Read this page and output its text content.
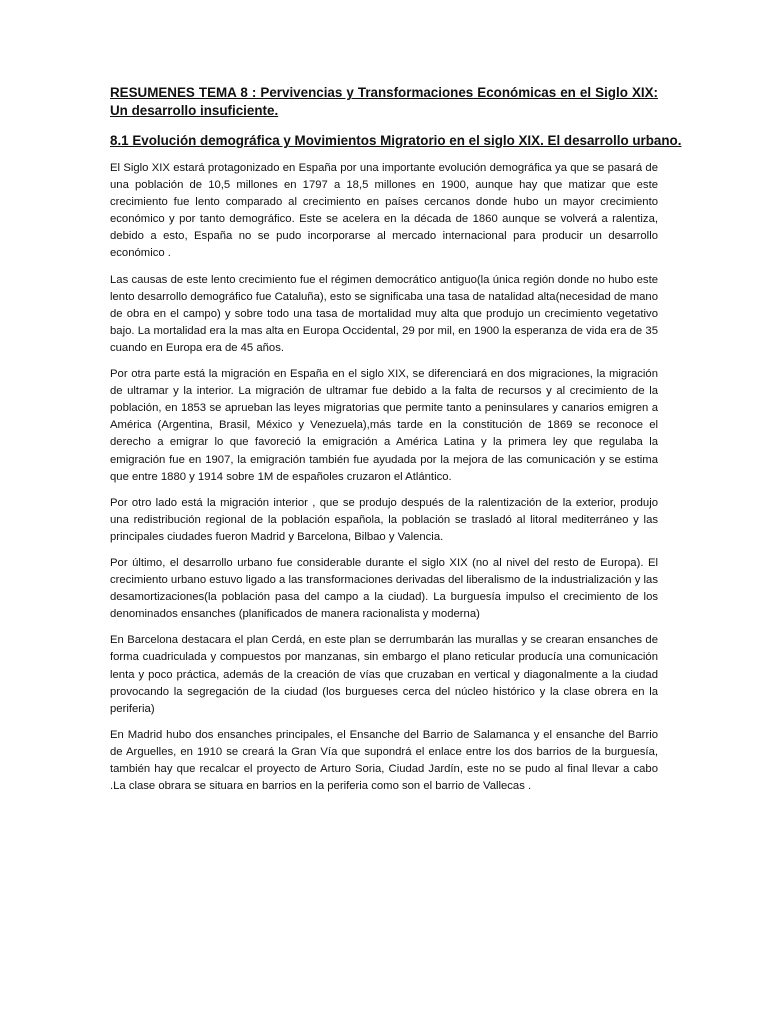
RESUMENES TEMA 8 : Pervivencias y Transformaciones Económicas en el Siglo XIX: Un desarrollo insuficiente.
8.1 Evolución demográfica y Movimientos Migratorio en el siglo XIX. El desarrollo urbano.

El Siglo XIX estará protagonizado en España por una importante evolución demográfica ya que se pasará de una población de 10,5 millones en 1797 a 18,5 millones en 1900, aunque hay que matizar que este crecimiento fue lento comparado al crecimiento en países cercanos donde hubo un mayor crecimiento económico y por tanto demográfico. Este se acelera en la década de 1860 aunque se volverá a ralentiza, debido a esto, España no se pudo incorporarse al mercado internacional para producir un desarrollo económico .

Las causas de este lento crecimiento fue el régimen democrático antiguo(la única región donde no hubo este lento desarrollo demográfico fue Cataluña), esto se significaba una tasa de natalidad alta(necesidad de mano de obra en el campo) y sobre todo una tasa de mortalidad muy alta que produjo un crecimiento vegetativo bajo. La mortalidad era la mas alta en Europa Occidental, 29 por mil, en 1900 la esperanza de vida era de 35 cuando en Europa era de 45 años.

Por otra parte está la migración en España en el siglo XIX, se diferenciará en dos migraciones, la migración de ultramar y la interior. La migración de ultramar fue debido a la falta de recursos y al crecimiento de la población, en 1853 se aprueban las leyes migratorias que permite tanto a peninsulares y canarios emigren a América (Argentina, Brasil, México y Venezuela),más tarde en la constitución de 1869 se reconoce el derecho a emigrar lo que favoreció la emigración a América Latina y la primera ley que regulaba la emigración fue en 1907, la emigración también fue ayudada por la mejora de las comunicación y se estima que entre 1880 y 1914 sobre 1M de españoles cruzaron el Atlántico.

Por otro lado está la migración interior , que se produjo después de la ralentización de la exterior, produjo una redistribución regional de la población española, la población se trasladó al litoral mediterráneo y las principales ciudades fueron Madrid y Barcelona, Bilbao y Valencia.

Por último, el desarrollo urbano fue considerable durante el siglo XIX (no al nivel del resto de Europa). El crecimiento urbano estuvo ligado a las transformaciones derivadas del liberalismo de la industrialización y las desamortizaciones(la población pasa del campo a la ciudad). La burguesía impulso el crecimiento de los denominados ensanches (planificados de manera racionalista y moderna)

En Barcelona destacara el plan Cerdá, en este plan se derrumbarán las murallas y se crearan ensanches de forma cuadriculada y compuestos por manzanas, sin embargo el plano reticular producía una comunicación lenta y poco práctica, además de la creación de vías que cruzaban en vertical y diagonalmente a la ciudad provocando la segregación de la ciudad (los burgueses cerca del núcleo histórico y la clase obrera en la periferia)

En Madrid hubo dos ensanches principales, el Ensanche del Barrio de Salamanca y el ensanche del Barrio de Arguelles, en 1910 se creará la Gran Vía que supondrá el enlace entre los dos barrios de la burguesía, también hay que recalcar el proyecto de Arturo Soria, Ciudad Jardín, este no se pudo al final llevar a cabo .La clase obrara se situara en barrios en la periferia como son el barrio de Vallecas .
